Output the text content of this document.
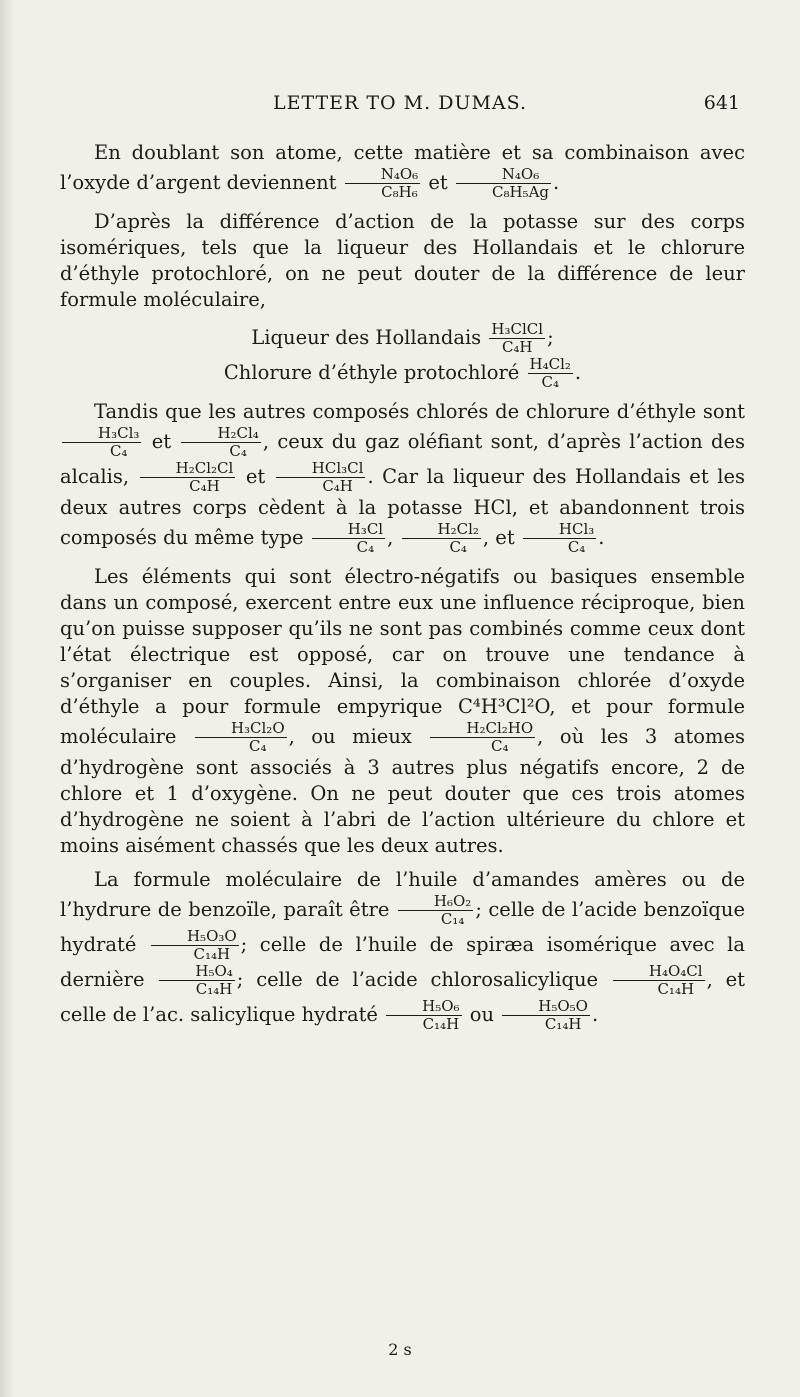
LETTER TO M. DUMAS.	641

En doublant son atome, cette matière et sa combinaison avec l’oxyde d’argent deviennent $\frac{\text{N₄O₆}}{\text{C₈H₆}}$ et $\frac{\text{N₄O₆}}{\text{C₈H₅Ag}}$ .

D’après la différence d’action de la potasse sur des corps isomériques, tels que la liqueur des Hollandais et le chlorure d’éthyle protochloré, on ne peut douter de la différence de leur formule moléculaire,

Liqueur des Hollandais $\frac{\text{H₃ClCl}}{\text{C₄H}}$ ;

Chlorure d’éthyle protochloré $\frac{\text{H₄Cl₂}}{\text{C₄}}$ .

Tandis que les autres composés chlorés de chlorure d’éthyle sont
$\frac{\text{H₃Cl₃}}{\text{C₄}}$ et $\frac{\text{H₂Cl₄}}{\text{C₄}}$ , ceux du gaz oléfiant sont, d’après l’action des alcalis, $\frac{\text{H₂Cl₂Cl}}{\text{C₄H}}$ et $\frac{\text{HCl₃Cl}}{\text{C₄H}}$ . Car la liqueur des Hollandais et les deux autres corps cèdent à la potasse HCl, et abandonnent trois composés du même type $\frac{\text{H₃Cl}}{\text{C₄}}$ , $\frac{\text{H₂Cl₂}}{\text{C₄}}$ , et $\frac{\text{HCl₃}}{\text{C₄}}$ .

Les éléments qui sont électro-négatifs ou basiques ensemble dans un composé, exercent entre eux une influence réciproque, bien qu’on puisse supposer qu’ils ne sont pas combinés comme ceux dont l’état électrique est opposé, car on trouve une tendance à s’organiser en couples. Ainsi, la combinaison chlorée d’oxyde d’éthyle a pour formule empyrique C⁴H³Cl²O, et pour formule moléculaire $\frac{\text{H₃Cl₂O}}{\text{C₄}}$ , ou mieux $\frac{\text{H₂Cl₂HO}}{\text{C₄}}$ , où les 3 atomes d’hydrogène sont associés à 3 autres plus négatifs encore, 2 de chlore et 1 d’oxygène. On ne peut douter que ces trois atomes d’hydrogène ne soient à l’abri de l’action ultérieure du chlore et moins aisément chassés que les deux autres.

La formule moléculaire de l’huile d’amandes amères ou de l’hydrure de benzoïle, paraît être $\frac{\text{H₆O₂}}{\text{C₁₄}}$ ; celle de l’acide benzoïque hydraté $\frac{\text{H₅O₃O}}{\text{C₁₄H}}$ ; celle de l’huile de spiræa isomérique avec la dernière $\frac{\text{H₅O₄}}{\text{C₁₄H}}$ ; celle de l’acide chlorosalicylique $\frac{\text{H₄O₄Cl}}{\text{C₁₄H}}$ , et celle de l’ac. salicylique hydraté $\frac{\text{H₅O₆}}{\text{C₁₄H}}$ ou $\frac{\text{H₅O₅O}}{\text{C₁₄H}}$ .

2 s
